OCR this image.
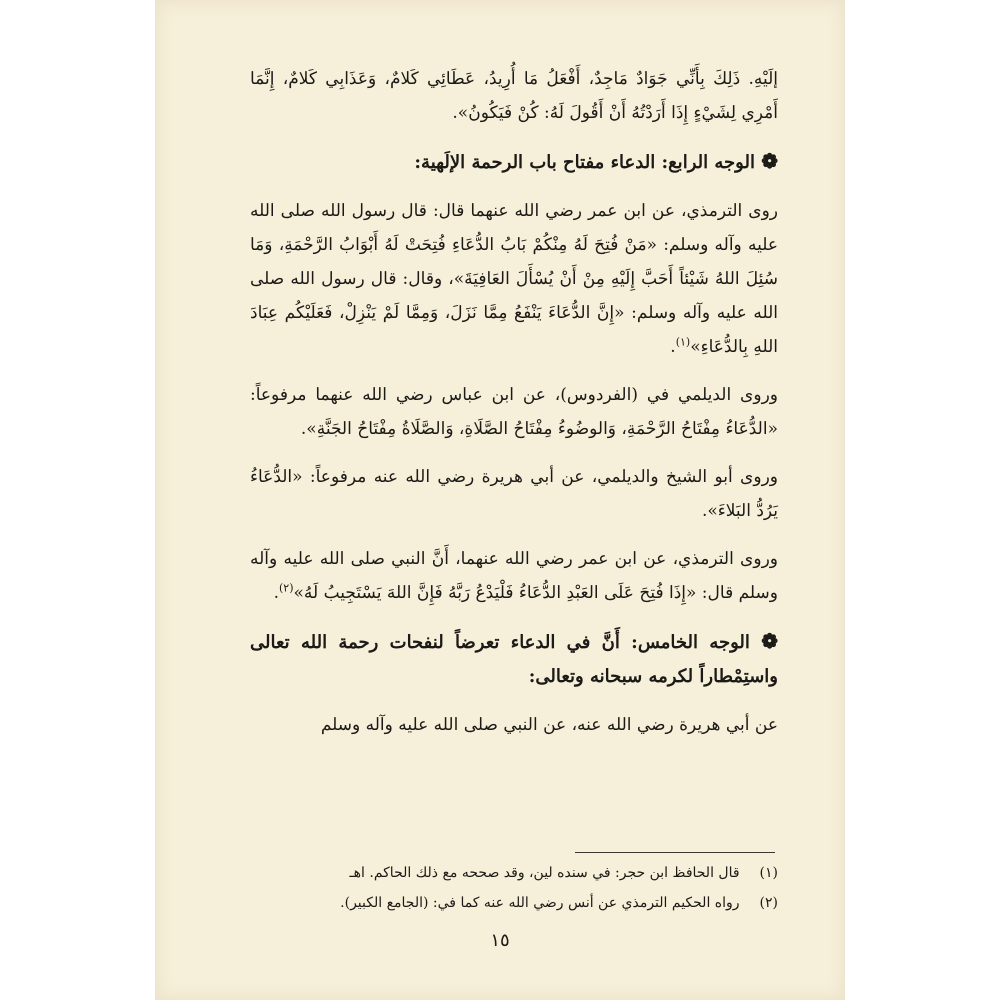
إلَيْهِ. ذَلِكَ بِأَنِّي جَوَادٌ مَاجِدٌ، أَفْعَلُ مَا أُرِيدُ، عَطَائِي كَلامٌ، وَعَذَابِي كَلامٌ، إِنَّمَا أَمْرِي لِشَيْءٍ إِذَا أَرَدْتُهُ أَنْ أَقُولَ لَهُ: كُنْ فَيَكُونُ».

❁ الوجه الرابع: الدعاء مفتاح باب الرحمة الإلَهية:

روى الترمذي، عن ابن عمر رضي الله عنهما قال: قال رسول الله صلى الله عليه وآله وسلم: «مَنْ فُتِحَ لَهُ مِنْكُمْ بَابُ الدُّعَاءِ فُتِحَتْ لَهُ أَبْوَابُ الرَّحْمَةِ، وَمَا سُئِلَ اللهُ شَيْئاً أَحَبَّ إِلَيْهِ مِنْ أَنْ يُسْأَلَ العَافِيَةَ»، وقال: قال رسول الله صلى الله عليه وآله وسلم: «إِنَّ الدُّعَاءَ يَنْفَعُ مِمَّا نَزَلَ، وَمِمَّا لَمْ يَنْزِلْ، فَعَلَيْكُم عِبَادَ اللهِ بِالدُّعَاءِ»$^{(١)}$.

وروى الديلمي في (الفردوس)، عن ابن عباس رضي الله عنهما مرفوعاً: «الدُّعَاءُ مِفْتَاحُ الرَّحْمَةِ، وَالوضُوءُ مِفْتَاحُ الصَّلَاةِ، وَالصَّلَاةُ مِفْتَاحُ الجَنَّةِ».

وروى أبو الشيخ والديلمي، عن أبي هريرة رضي الله عنه مرفوعاً: «الدُّعَاءُ يَرُدُّ البَلاءَ».

وروى الترمذي، عن ابن عمر رضي الله عنهما، أَنَّ النبي صلى الله عليه وآله وسلم قال: «إِذَا فُتِحَ عَلَى العَبْدِ الدُّعَاءُ فَلْيَدْعُ رَبَّهُ فَإِنَّ اللهَ يَسْتَجِيبُ لَهُ»$^{(٢)}$.

❁ الوجه الخامس: أَنَّ في الدعاء تعرضاً لنفحات رحمة الله تعالى واستِمْطاراً لكرمه سبحانه وتعالى:

عن أبي هريرة رضي الله عنه، عن النبي صلى الله عليه وآله وسلم

(١) قال الحافظ ابن حجر: في سنده لين، وقد صححه مع ذلك الحاكم. اهـ
(٢) رواه الحكيم الترمذي عن أنس رضي الله عنه كما في: (الجامع الكبير).
١٥
